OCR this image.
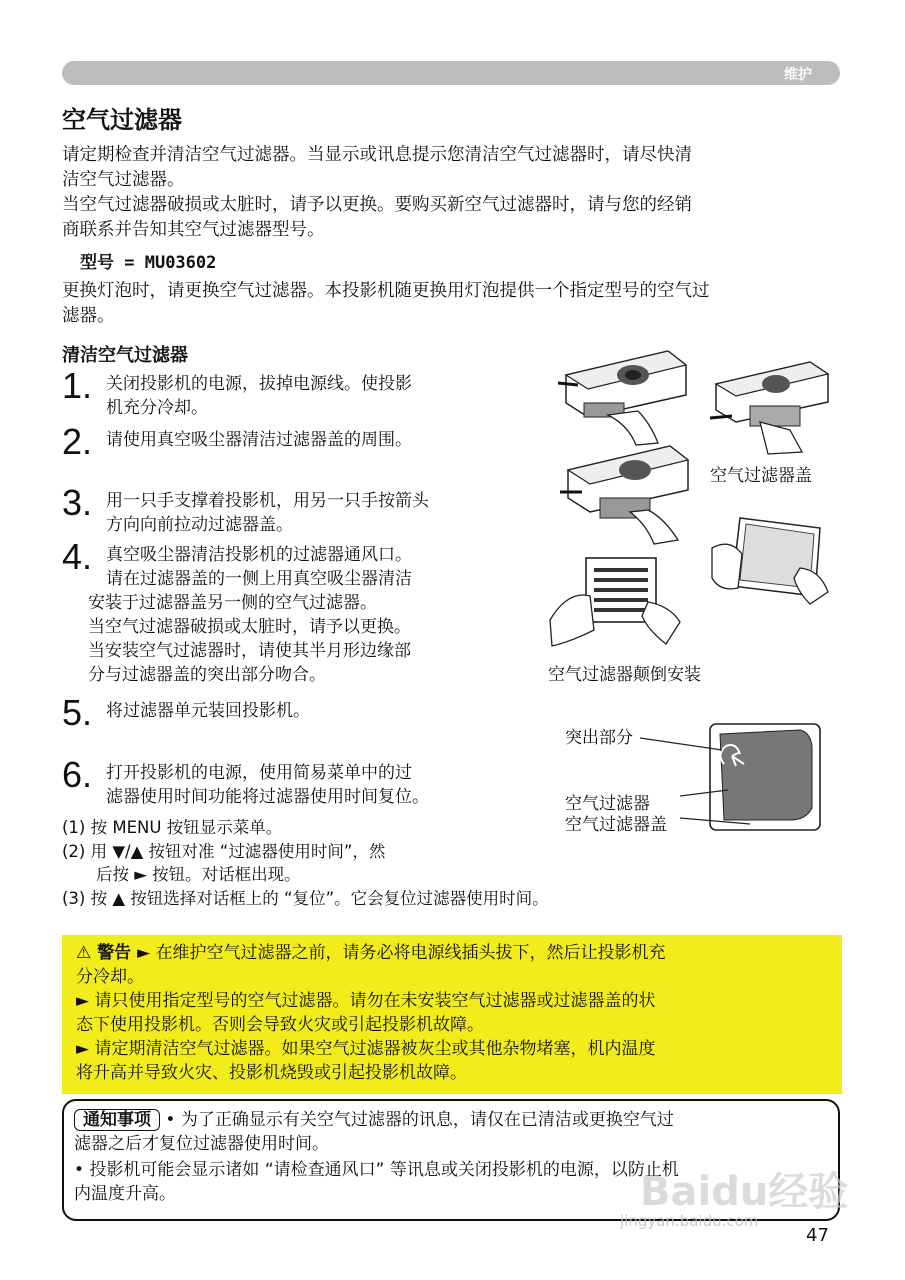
维护
空气过滤器
请定期检查并清洁空气过滤器。当显示或讯息提示您清洁空气过滤器时，请尽快清
洁空气过滤器。
当空气过滤器破损或太脏时，请予以更换。要购买新空气过滤器时，请与您的经销
商联系并告知其空气过滤器型号。
型号 = MU03602
更换灯泡时，请更换空气过滤器。本投影机随更换用灯泡提供一个指定型号的空气过
滤器。
清洁空气过滤器
1. 关闭投影机的电源，拔掉电源线。使投影
机充分冷却。
2. 请使用真空吸尘器清洁过滤器盖的周围。
3. 用一只手支撑着投影机，用另一只手按箭头
方向向前拉动过滤器盖。
4. 真空吸尘器清洁投影机的过滤器通风口。
请在过滤器盖的一侧上用真空吸尘器清洁
安装于过滤器盖另一侧的空气过滤器。
当空气过滤器破损或太脏时，请予以更换。
当安装空气过滤器时，请使其半月形边缘部
分与过滤器盖的突出部分吻合。
5. 将过滤器单元装回投影机。
6. 打开投影机的电源，使用简易菜单中的过
滤器使用时间功能将过滤器使用时间复位。
(1) 按 MENU 按钮显示菜单。
(2) 用 ▼/▲ 按钮对准 “过滤器使用时间”，然
后按 ► 按钮。对话框出现。
(3) 按 ▲ 按钮选择对话框上的 “复位”。它会复位过滤器使用时间。
空气过滤器盖
空气过滤器颠倒安装
突出部分
空气过滤器
空气过滤器盖
⚠ 警告 ► 在维护空气过滤器之前，请务必将电源线插头拔下，然后让投影机充
分冷却。
► 请只使用指定型号的空气过滤器。请勿在未安装空气过滤器或过滤器盖的状
态下使用投影机。否则会导致火灾或引起投影机故障。
► 请定期清洁空气过滤器。如果空气过滤器被灰尘或其他杂物堵塞，机内温度
将升高并导致火灾、投影机烧毁或引起投影机故障。
通知事项 • 为了正确显示有关空气过滤器的讯息，请仅在已清洁或更换空气过
滤器之后才复位过滤器使用时间。
• 投影机可能会显示诸如 “请检查通风口” 等讯息或关闭投影机的电源，以防止机
内温度升高。	Baidu经验
jingyan.baidu.com
47
